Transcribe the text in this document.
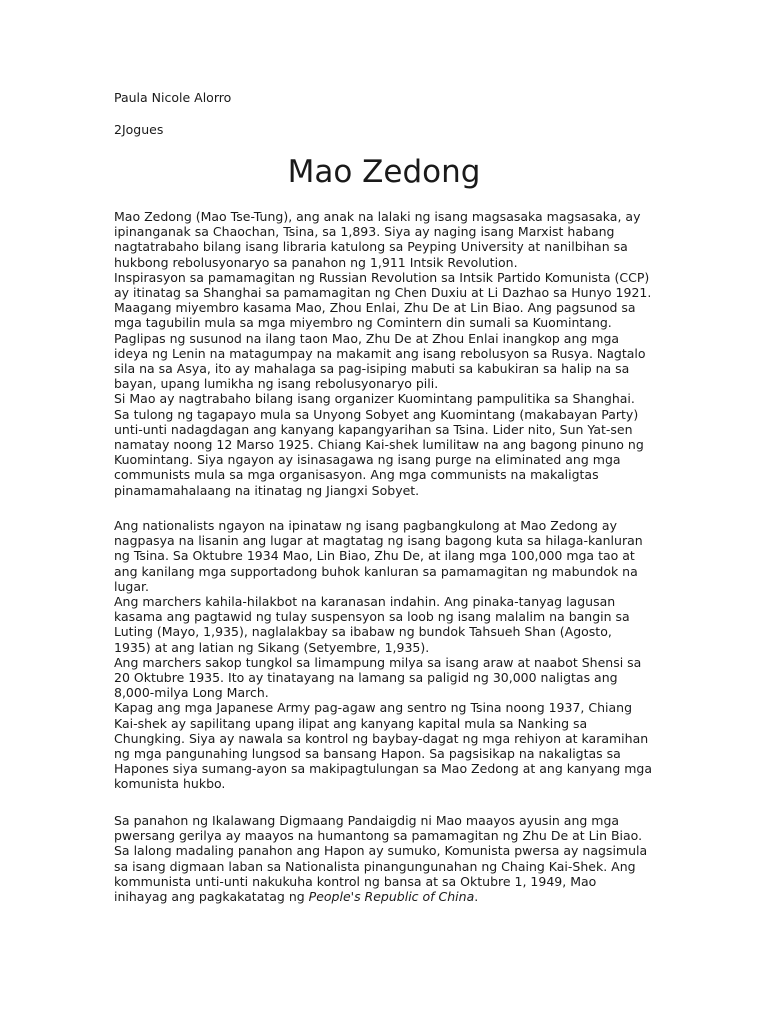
Paula Nicole Alorro
2Jogues
Mao Zedong

Mao Zedong (Mao Tse-Tung), ang anak na lalaki ng isang magsasaka magsasaka, ay

ipinanganak sa Chaochan, Tsina, sa 1,893. Siya ay naging isang Marxist habang

nagtatrabaho bilang isang libraria katulong sa Peyping University at nanilbihan sa

hukbong rebolusyonaryo sa panahon ng 1,911 Intsik Revolution.

Inspirasyon sa pamamagitan ng Russian Revolution sa Intsik Partido Komunista (CCP)

ay itinatag sa Shanghai sa pamamagitan ng Chen Duxiu at Li Dazhao sa Hunyo 1921.

Maagang miyembro kasama Mao, Zhou Enlai, Zhu De at Lin Biao. Ang pagsunod sa

mga tagubilin mula sa mga miyembro ng Comintern din sumali sa Kuomintang.

Paglipas ng susunod na ilang taon Mao, Zhu De at Zhou Enlai inangkop ang mga

ideya ng Lenin na matagumpay na makamit ang isang rebolusyon sa Rusya. Nagtalo

sila na sa Asya, ito ay mahalaga sa pag-isiping mabuti sa kabukiran sa halip na sa

bayan, upang lumikha ng isang rebolusyonaryo pili.

Si Mao ay nagtrabaho bilang isang organizer Kuomintang pampulitika sa Shanghai.

Sa tulong ng tagapayo mula sa Unyong Sobyet ang Kuomintang (makabayan Party)

unti-unti nadagdagan ang kanyang kapangyarihan sa Tsina. Lider nito, Sun Yat-sen

namatay noong 12 Marso 1925. Chiang Kai-shek lumilitaw na ang bagong pinuno ng

Kuomintang. Siya ngayon ay isinasagawa ng isang purge na eliminated ang mga

communists mula sa mga organisasyon. Ang mga communists na makaligtas

pinamamahalaang na itinatag ng Jiangxi Sobyet.

Ang nationalists ngayon na ipinataw ng isang pagbangkulong at Mao Zedong ay

nagpasya na lisanin ang lugar at magtatag ng isang bagong kuta sa hilaga-kanluran

ng Tsina. Sa Oktubre 1934 Mao, Lin Biao, Zhu De, at ilang mga 100,000 mga tao at

ang kanilang mga supportadong buhok kanluran sa pamamagitan ng mabundok na

lugar.

Ang marchers kahila-hilakbot na karanasan indahin. Ang pinaka-tanyag lagusan

kasama ang pagtawid ng tulay suspensyon sa loob ng isang malalim na bangin sa

Luting (Mayo, 1,935), naglalakbay sa ibabaw ng bundok Tahsueh Shan (Agosto,

1935) at ang latian ng Sikang (Setyembre, 1,935).

Ang marchers sakop tungkol sa limampung milya sa isang araw at naabot Shensi sa

20 Oktubre 1935. Ito ay tinatayang na lamang sa paligid ng 30,000 naligtas ang

8,000-milya Long March.

Kapag ang mga Japanese Army pag-agaw ang sentro ng Tsina noong 1937, Chiang

Kai-shek ay sapilitang upang ilipat ang kanyang kapital mula sa Nanking sa

Chungking. Siya ay nawala sa kontrol ng baybay-dagat ng mga rehiyon at karamihan

ng mga pangunahing lungsod sa bansang Hapon. Sa pagsisikap na nakaligtas sa

Hapones siya sumang-ayon sa makipagtulungan sa Mao Zedong at ang kanyang mga

komunista hukbo.

Sa panahon ng Ikalawang Digmaang Pandaigdig ni Mao maayos ayusin ang mga

pwersang gerilya ay maayos na humantong sa pamamagitan ng Zhu De at Lin Biao.

Sa lalong madaling panahon ang Hapon ay sumuko, Komunista pwersa ay nagsimula

sa isang digmaan laban sa Nationalista pinangungunahan ng Chaing Kai-Shek. Ang

kommunista unti-unti nakukuha kontrol ng bansa at sa Oktubre 1, 1949, Mao

inihayag ang pagkakatatag ng People's Republic of China.
